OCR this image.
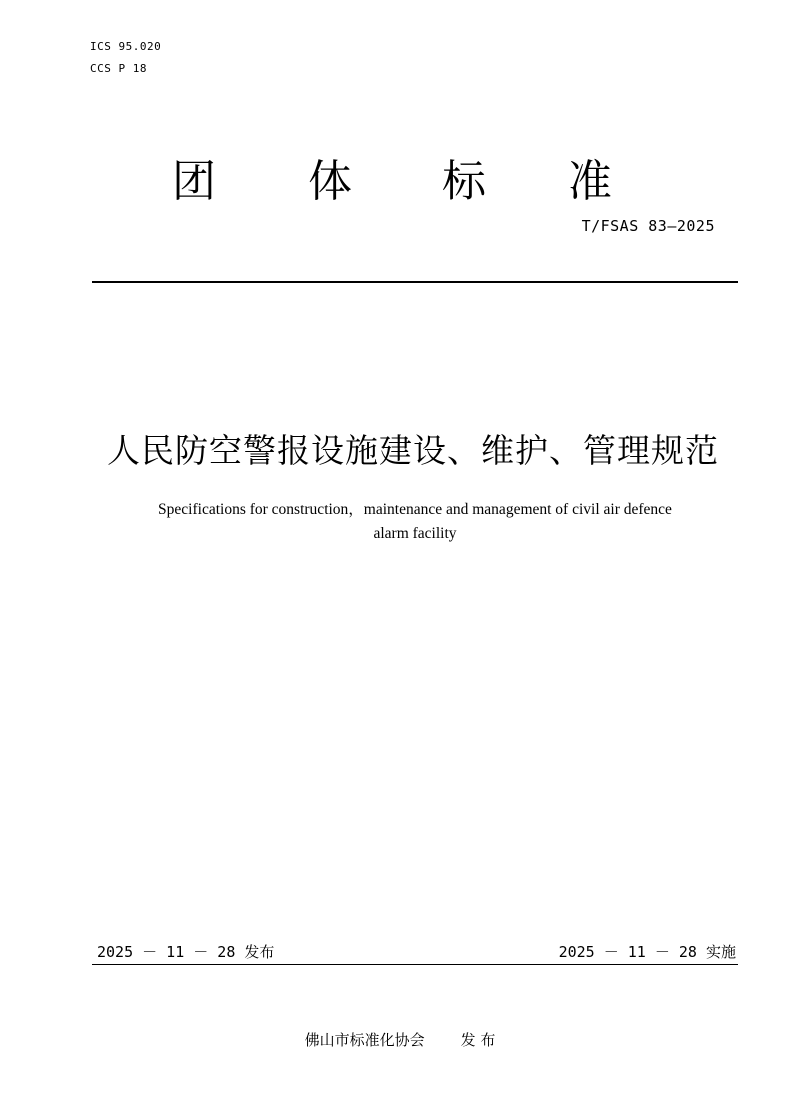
ICS 95.020
CCS P 18
团 体 标 准
T/FSAS 83—2025
人民防空警报设施建设、维护、管理规范
Specifications for construction，maintenance and management of civil air defence
alarm facility
2025 － 11 － 28 发布	2025 － 11 － 28 实施
佛山市标准化协会 发 布
